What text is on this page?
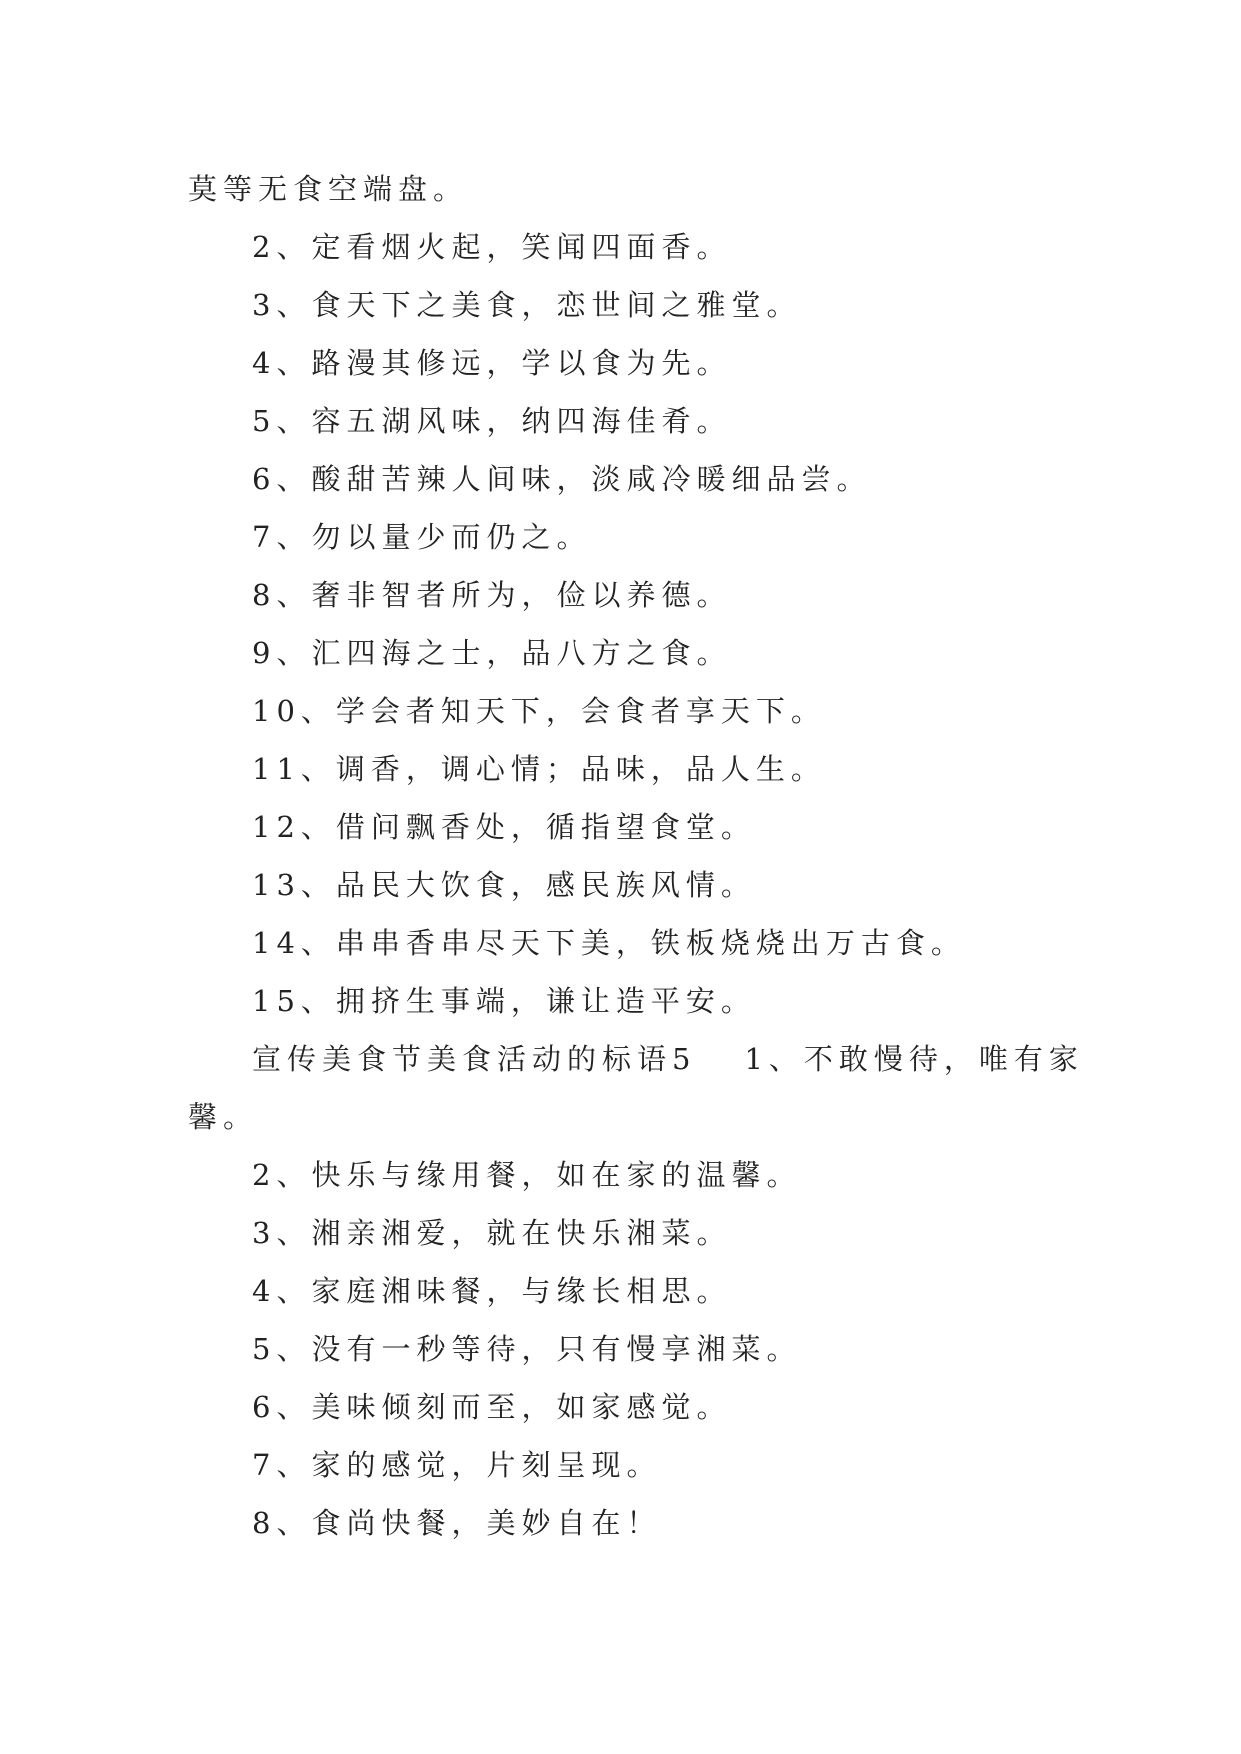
莫等无食空端盘。
2、定看烟火起，笑闻四面香。
3、食天下之美食，恋世间之雅堂。
4、路漫其修远，学以食为先。
5、容五湖风味，纳四海佳肴。
6、酸甜苦辣人间味，淡咸冷暖细品尝。
7、勿以量少而仍之。
8、奢非智者所为，俭以养德。
9、汇四海之士，品八方之食。
10、学会者知天下，会食者享天下。
11、调香，调心情；品味，品人生。
12、借问飘香处，循指望食堂。
13、品民大饮食，感民族风情。
14、串串香串尽天下美，铁板烧烧出万古食。
15、拥挤生事端，谦让造平安。
宣传美食节美食活动的标语5 1、不敢慢待，唯有家
馨。
2、快乐与缘用餐，如在家的温馨。
3、湘亲湘爱，就在快乐湘菜。
4、家庭湘味餐，与缘长相思。
5、没有一秒等待，只有慢享湘菜。
6、美味倾刻而至，如家感觉。
7、家的感觉，片刻呈现。
8、食尚快餐，美妙自在！
